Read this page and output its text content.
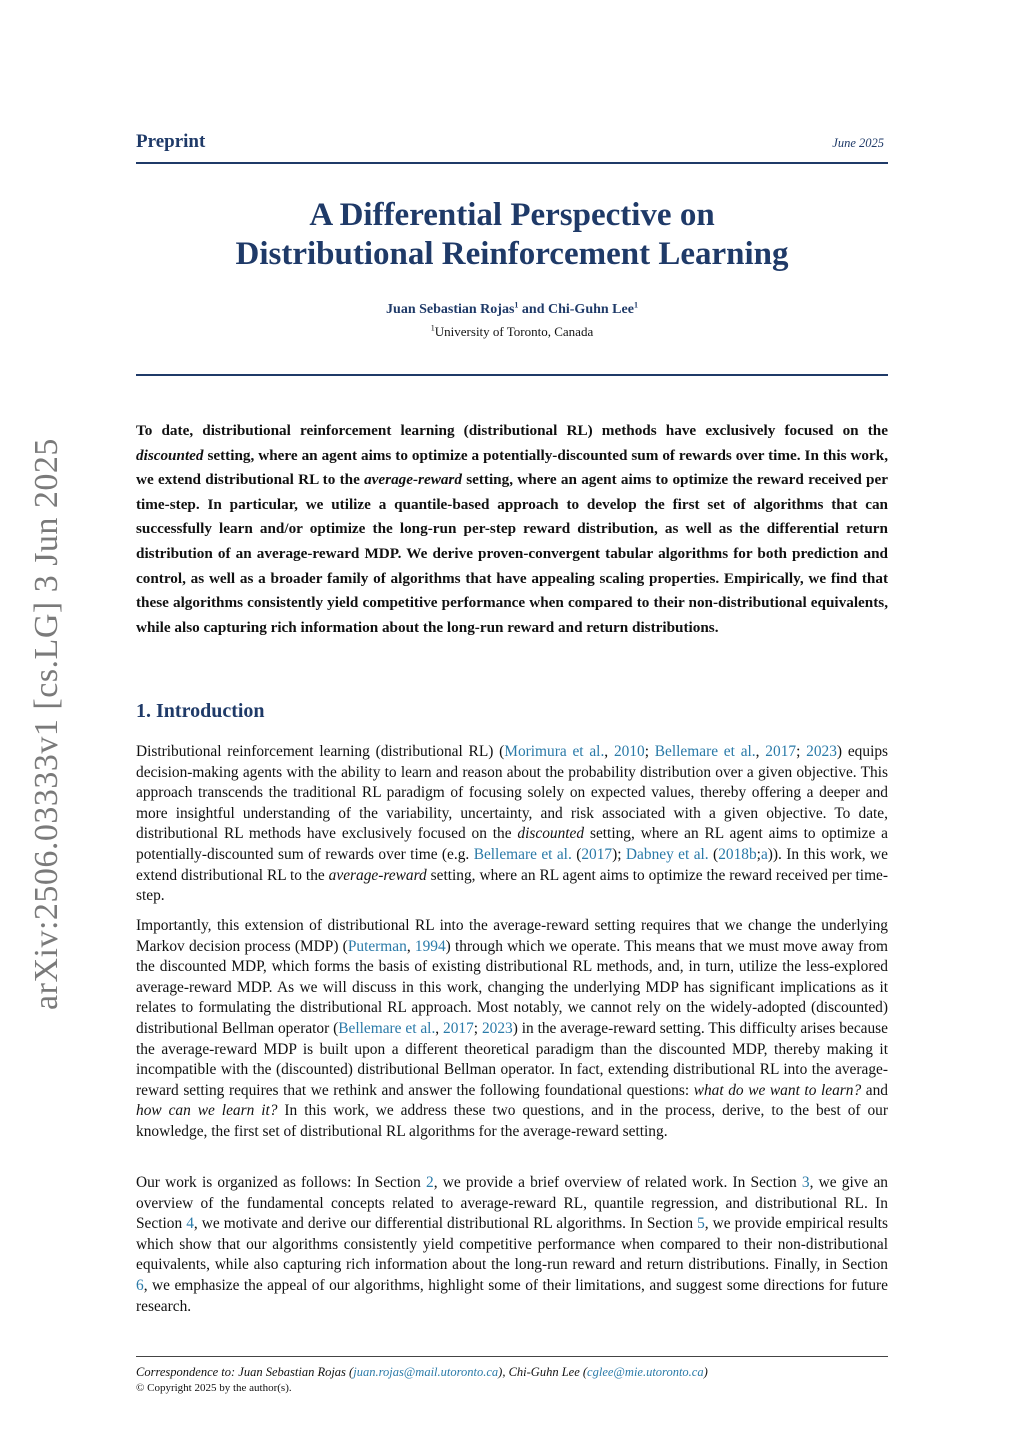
arXiv:2506.03333v1 [cs.LG] 3 Jun 2025
Preprint	June 2025
A Differential Perspective on
Distributional Reinforcement Learning
Juan Sebastian Rojas$^1$ and Chi-Guhn Lee$^1$
$^1$University of Toronto, Canada
To date, distributional reinforcement learning (distributional RL) methods have exclusively focused on the discounted setting, where an agent aims to optimize a potentially-discounted sum of rewards over time. In this work, we extend distributional RL to the average-reward setting, where an agent aims to optimize the reward received per time-step. In particular, we utilize a quantile-based approach to develop the first set of algorithms that can successfully learn and/or optimize the long-run per-step reward distribution, as well as the differential return distribution of an average-reward MDP. We derive proven-convergent tabular algorithms for both prediction and control, as well as a broader family of algorithms that have appealing scaling properties. Empirically, we find that these algorithms consistently yield competitive performance when compared to their non-distributional equivalents, while also capturing rich information about the long-run reward and return distributions.
1. Introduction
Distributional reinforcement learning (distributional RL) (Morimura et al., 2010; Bellemare et al., 2017; 2023) equips decision-making agents with the ability to learn and reason about the probability distribution over a given objective. This approach transcends the traditional RL paradigm of focusing solely on expected values, thereby offering a deeper and more insightful understanding of the variability, uncertainty, and risk associated with a given objective. To date, distributional RL methods have exclusively focused on the discounted setting, where an RL agent aims to optimize a potentially-discounted sum of rewards over time (e.g. Bellemare et al. (2017); Dabney et al. (2018b;a)). In this work, we extend distributional RL to the average-reward setting, where an RL agent aims to optimize the reward received per time-step.
Importantly, this extension of distributional RL into the average-reward setting requires that we change the underlying Markov decision process (MDP) (Puterman, 1994) through which we operate. This means that we must move away from the discounted MDP, which forms the basis of existing distributional RL methods, and, in turn, utilize the less-explored average-reward MDP. As we will discuss in this work, changing the underlying MDP has significant implications as it relates to formulating the distributional RL approach. Most notably, we cannot rely on the widely-adopted (discounted) distributional Bellman operator (Bellemare et al., 2017; 2023) in the average-reward setting. This difficulty arises because the average-reward MDP is built upon a different theoretical paradigm than the discounted MDP, thereby making it incompatible with the (discounted) distributional Bellman operator. In fact, extending distributional RL into the average-reward setting requires that we rethink and answer the following foundational questions: what do we want to learn? and how can we learn it? In this work, we address these two questions, and in the process, derive, to the best of our knowledge, the first set of distributional RL algorithms for the average-reward setting.
Our work is organized as follows: In Section 2, we provide a brief overview of related work. In Section 3, we give an overview of the fundamental concepts related to average-reward RL, quantile regression, and distributional RL. In Section 4, we motivate and derive our differential distributional RL algorithms. In Section 5, we provide empirical results which show that our algorithms consistently yield competitive performance when compared to their non-distributional equivalents, while also capturing rich information about the long-run reward and return distributions. Finally, in Section 6, we emphasize the appeal of our algorithms, highlight some of their limitations, and suggest some directions for future research.
Correspondence to: Juan Sebastian Rojas (juan.rojas@mail.utoronto.ca), Chi-Guhn Lee (cglee@mie.utoronto.ca)
© Copyright 2025 by the author(s).
